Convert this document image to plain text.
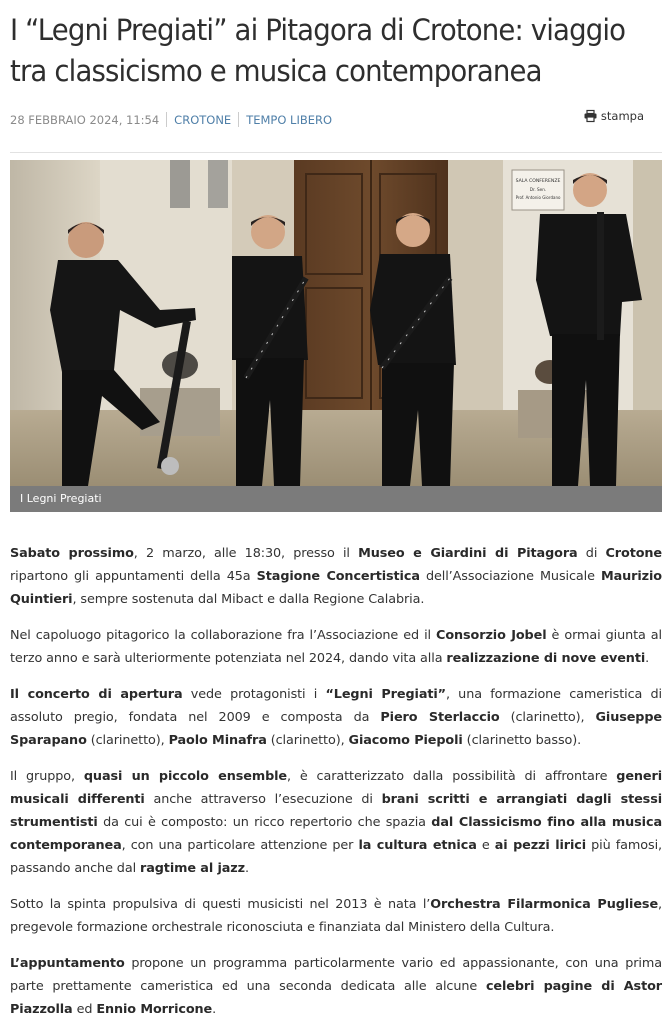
I “Legni Pregiati” ai Pitagora di Crotone: viaggio tra classicismo e musica contemporanea
28 FEBBRAIO 2024, 11:54 CROTONE TEMPO LIBERO	stampa
SALA CONFERENZE
Dr. Sen.
Prof. Antonio Giordano
I Legni Pregiati

Sabato prossimo, 2 marzo, alle 18:30, presso il Museo e Giardini di Pitagora di Crotone ripartono gli appuntamenti della 45a Stagione Concertistica dell’Associazione Musicale Maurizio Quintieri, sempre sostenuta dal Mibact e dalla Regione Calabria.

Nel capoluogo pitagorico la collaborazione fra l’Associazione ed il Consorzio Jobel è ormai giunta al terzo anno e sarà ulteriormente potenziata nel 2024, dando vita alla realizzazione di nove eventi.

Il concerto di apertura vede protagonisti i “Legni Pregiati”, una formazione cameristica di assoluto pregio, fondata nel 2009 e composta da Piero Sterlaccio (clarinetto), Giuseppe Sparapano (clarinetto), Paolo Minafra (clarinetto), Giacomo Piepoli (clarinetto basso).

Il gruppo, quasi un piccolo ensemble, è caratterizzato dalla possibilità di affrontare generi musicali differenti anche attraverso l’esecuzione di brani scritti e arrangiati dagli stessi strumentisti da cui è composto: un ricco repertorio che spazia dal Classicismo fino alla musica contemporanea, con una particolare attenzione per la cultura etnica e ai pezzi lirici più famosi, passando anche dal ragtime al jazz.

Sotto la spinta propulsiva di questi musicisti nel 2013 è nata l’Orchestra Filarmonica Pugliese, pregevole formazione orchestrale riconosciuta e finanziata dal Ministero della Cultura.

L’appuntamento propone un programma particolarmente vario ed appassionante, con una prima parte prettamente cameristica ed una seconda dedicata alle alcune celebri pagine di Astor Piazzolla ed Ennio Morricone.
